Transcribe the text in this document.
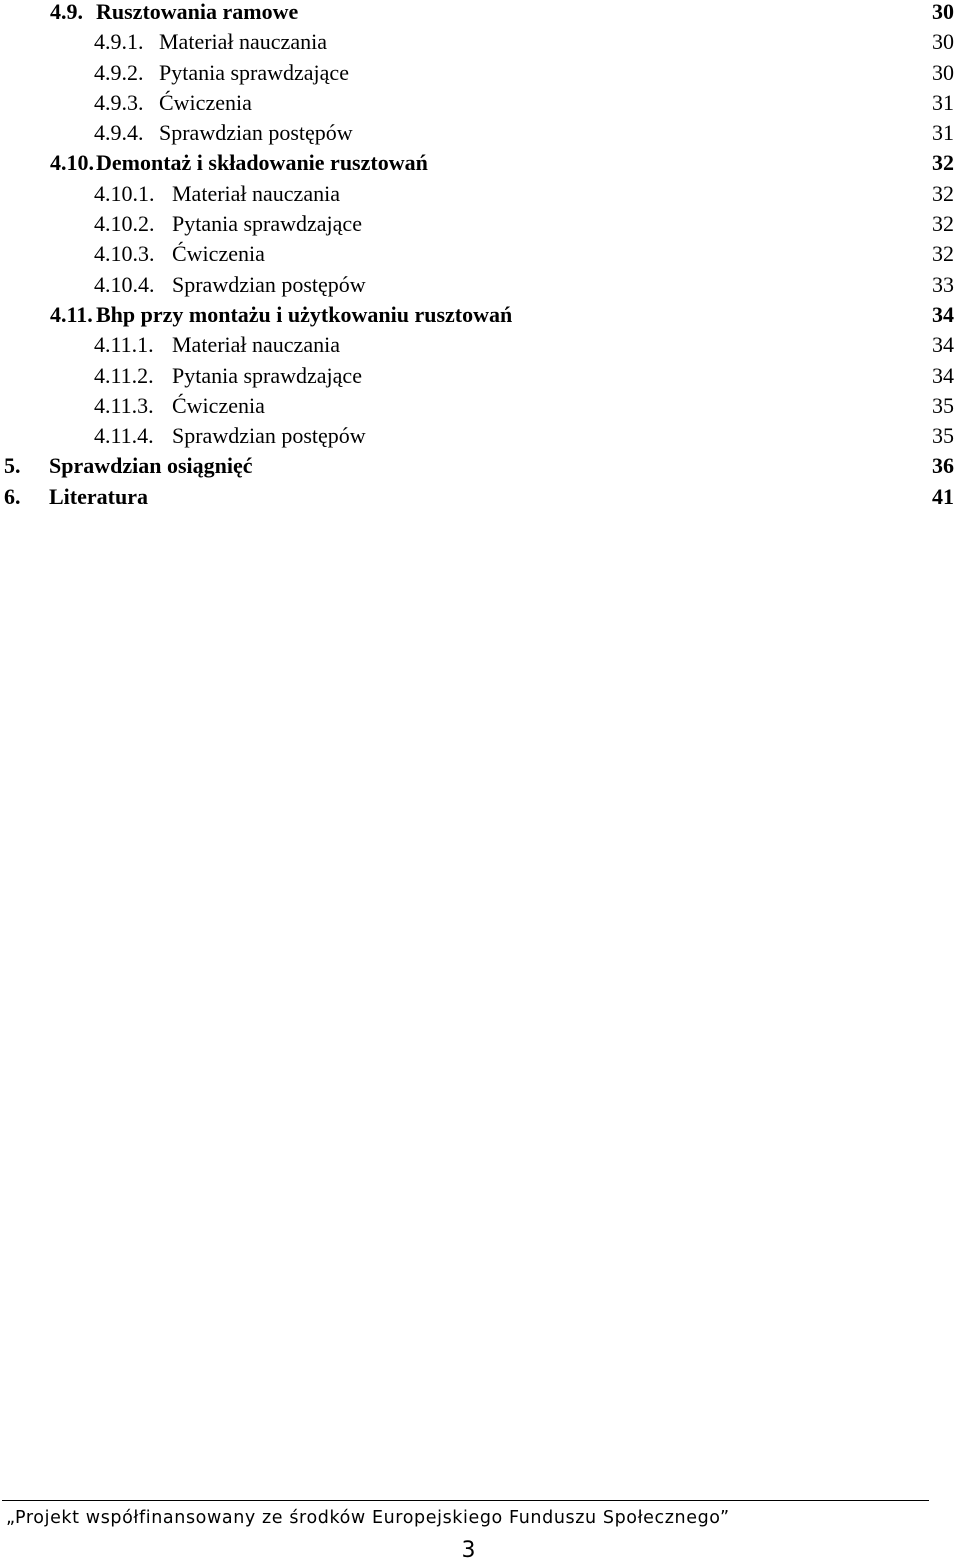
4.9. Rusztowania ramowe	30
4.9.1. Materiał nauczania	30
4.9.2. Pytania sprawdzające	30
4.9.3. Ćwiczenia	31
4.9.4. Sprawdzian postępów	31
4.10. Demontaż i składowanie rusztowań	32
4.10.1. Materiał nauczania	32
4.10.2. Pytania sprawdzające	32
4.10.3. Ćwiczenia	32
4.10.4. Sprawdzian postępów	33
4.11. Bhp przy montażu i użytkowaniu rusztowań	34
4.11.1. Materiał nauczania	34
4.11.2. Pytania sprawdzające	34
4.11.3. Ćwiczenia	35
4.11.4. Sprawdzian postępów	35
5. Sprawdzian osiągnięć	36
6. Literatura	41
„Projekt współfinansowany ze środków Europejskiego Funduszu Społecznego”
3
